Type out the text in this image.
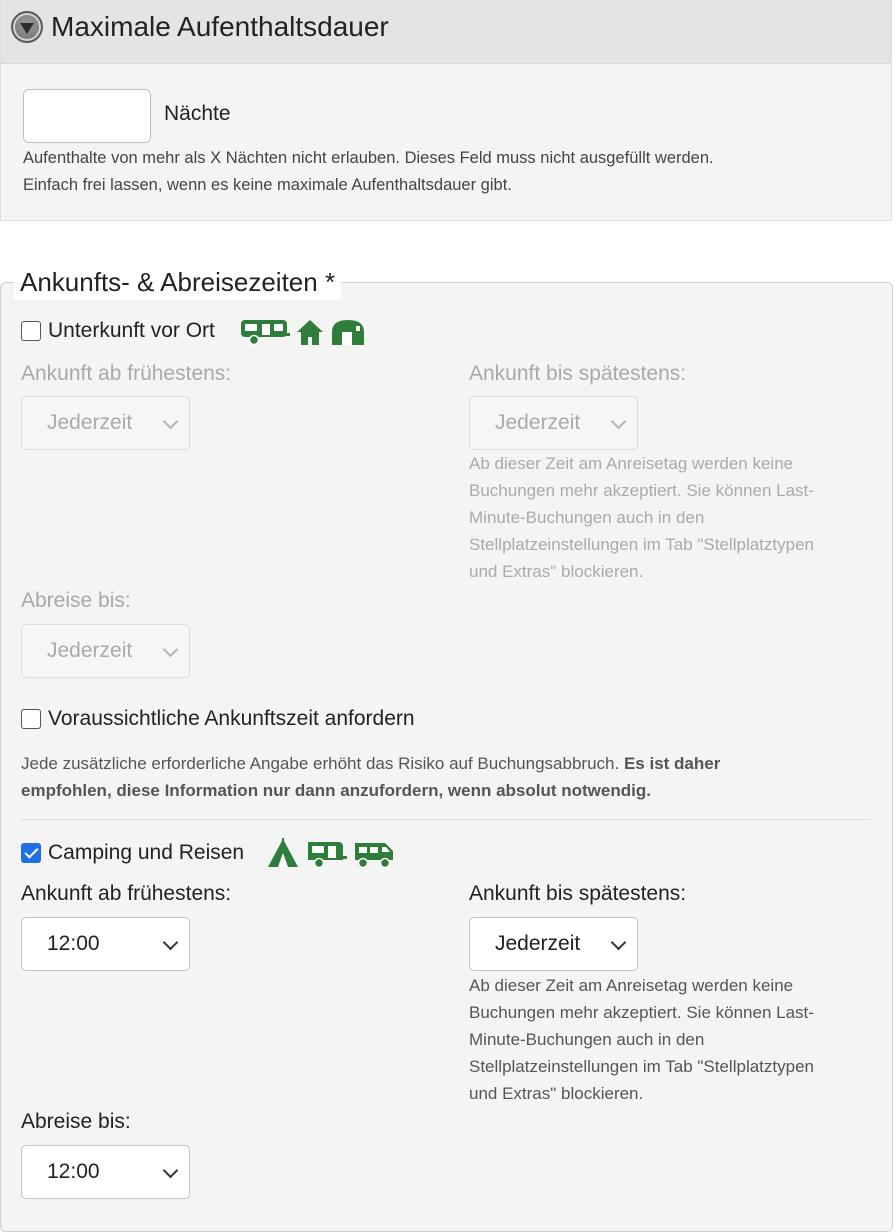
Maximale Aufenthaltsdauer
Nächte
Aufenthalte von mehr als X Nächten nicht erlauben. Dieses Feld muss nicht ausgefüllt werden.
Einfach frei lassen, wenn es keine maximale Aufenthaltsdauer gibt.
Ankunfts- & Abreisezeiten *
Unterkunft vor Ort
Ankunft ab frühestens:
Jederzeit
Ankunft bis spätestens:
Jederzeit
Ab dieser Zeit am Anreisetag werden keine
Buchungen mehr akzeptiert. Sie können Last-
Minute-Buchungen auch in den
Stellplatzeinstellungen im Tab "Stellplatztypen
und Extras" blockieren.
Abreise bis:
Jederzeit
Voraussichtliche Ankunftszeit anfordern
Jede zusätzliche erforderliche Angabe erhöht das Risiko auf Buchungsabbruch. Es ist daher
empfohlen, diese Information nur dann anzufordern, wenn absolut notwendig.
Camping und Reisen
Ankunft ab frühestens:
12:00
Ankunft bis spätestens:
Jederzeit
Ab dieser Zeit am Anreisetag werden keine
Buchungen mehr akzeptiert. Sie können Last-
Minute-Buchungen auch in den
Stellplatzeinstellungen im Tab "Stellplatztypen
und Extras" blockieren.
Abreise bis:
12:00
